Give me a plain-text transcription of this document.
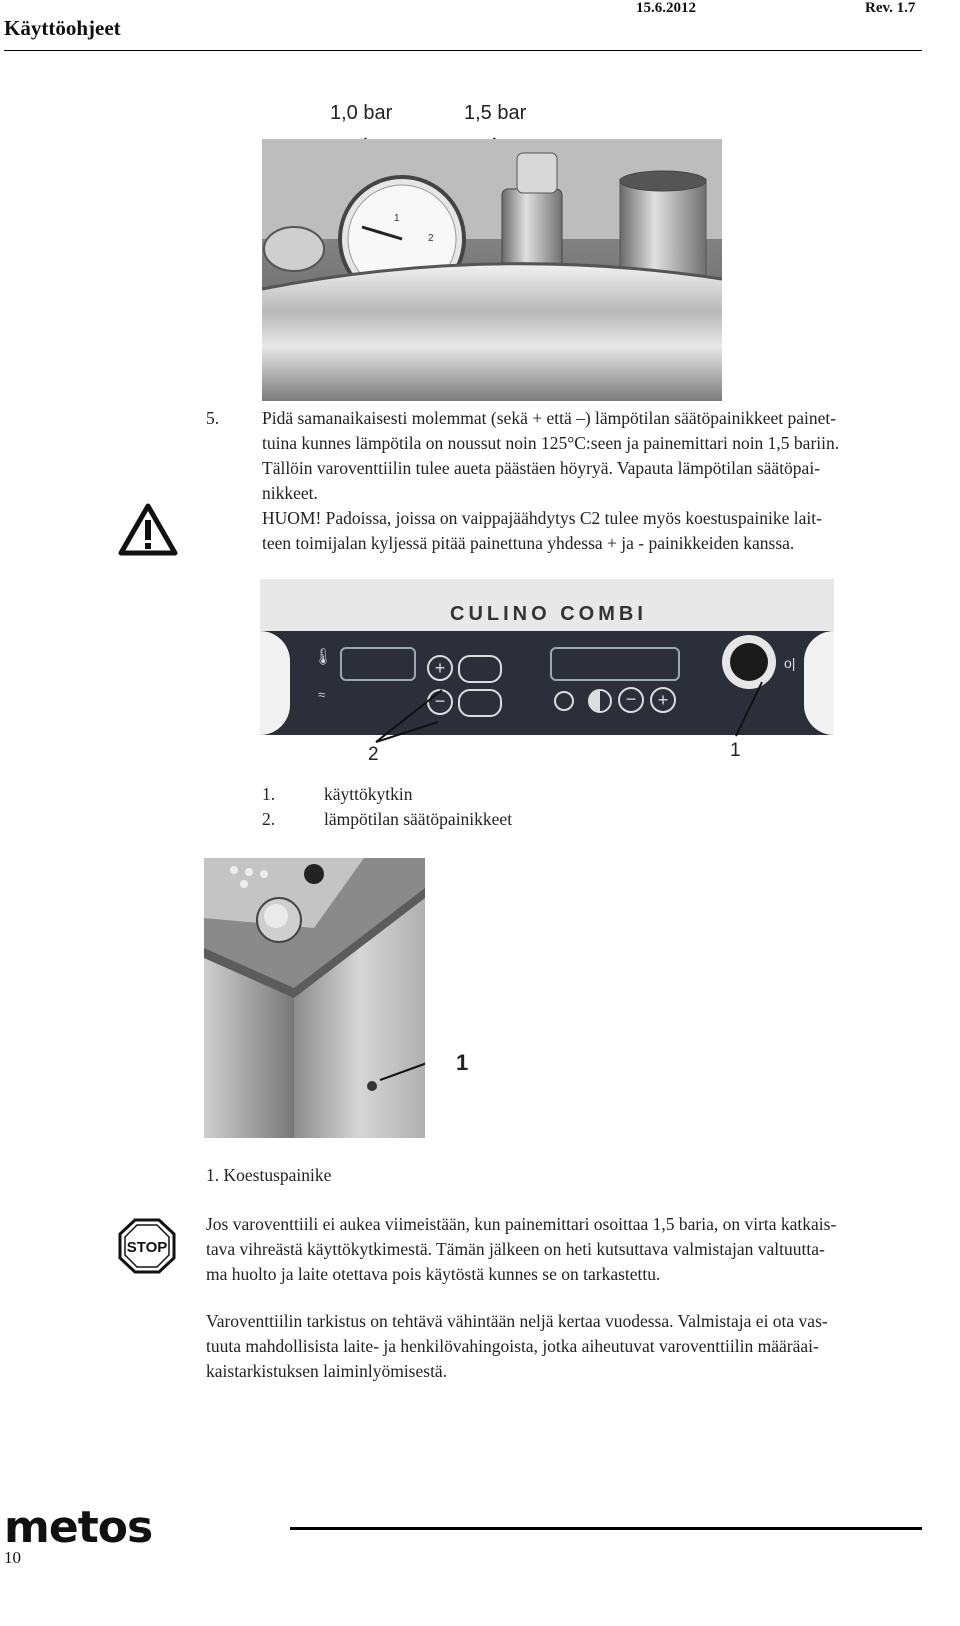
Käyttöohjeet
15.6.2012	Rev. 1.7
1,0 bar	1,5 bar
1
2
5. Pidä samanaikaisesti molemmat (sekä + että –) lämpötilan säätöpainikkeet painet-
tuina kunnes lämpötila on noussut noin 125°C:seen ja painemittari noin 1,5 bariin.
Tällöin varoventtiilin tulee aueta päästäen höyryä. Vapauta lämpötilan säätöpai-
nikkeet.
HUOM! Padoissa, joissa on vaippajäähdytys C2 tulee myös koestuspainike lait-
teen toimijalan kyljessä pitää painettuna yhdessa + ja - painikkeiden kanssa.
CULINO COMBI
🌡
≈
+
−	−	+
o|
2	1
1.	käyttökytkin
2.	lämpötilan säätöpainikkeet
1
1. Koestuspainike
STOP
Jos varoventtiili ei aukea viimeistään, kun painemittari osoittaa 1,5 baria, on virta katkais-
tava vihreästä käyttökytkimestä. Tämän jälkeen on heti kutsuttava valmistajan valtuutta-
ma huolto ja laite otettava pois käytöstä kunnes se on tarkastettu.
Varoventtiilin tarkistus on tehtävä vähintään neljä kertaa vuodessa. Valmistaja ei ota vas-
tuuta mahdollisista laite- ja henkilövahingoista, jotka aiheutuvat varoventtiilin määräai-
kaistarkistuksen laiminlyömisestä.
metos
10
